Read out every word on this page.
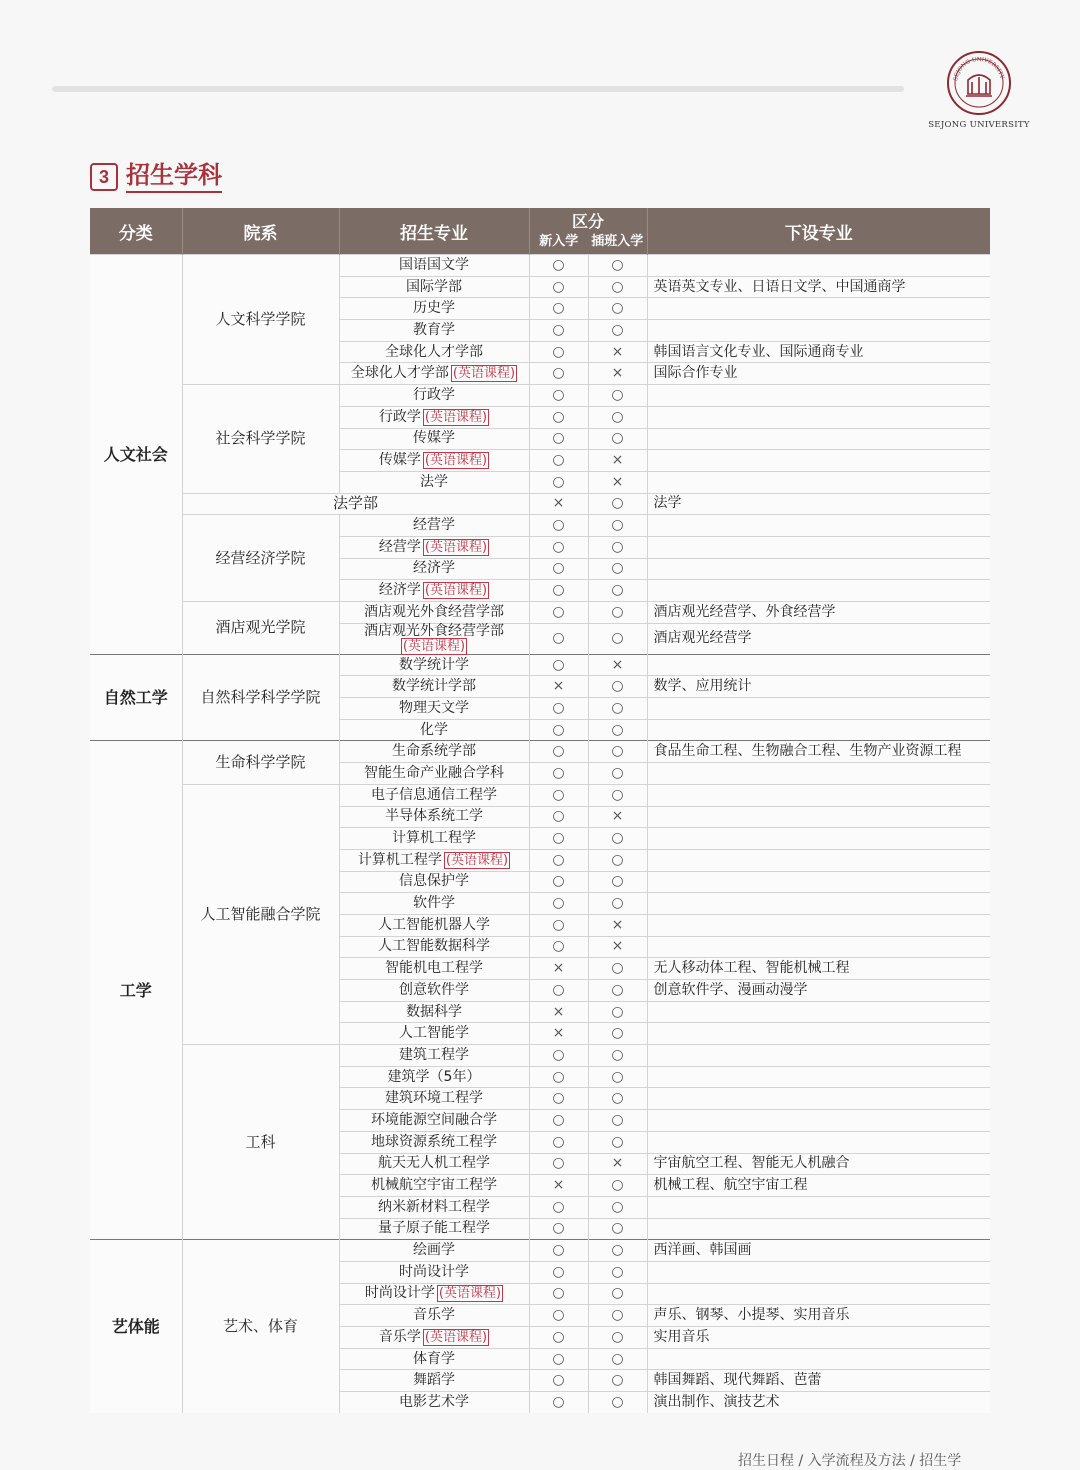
SEJONG UNIVERSITY
SEJONG UNIVERSITY
3 招生学科
分类	院系	招生专业	区分
新入学 插班入学		下设专业
人文社会	人文科学学院	国语国文学	○	○	
		国际学部	○	○	英语英文专业、日语日文学、中国通商学
		历史学	○	○	
		教育学	○	○	
		全球化人才学部	○	×	韩国语言文化专业、国际通商专业
		全球化人才学部 (英语课程)	○	×	国际合作专业
	社会科学学院	行政学	○	○	
		行政学 (英语课程)	○	○	
		传媒学	○	○	
		传媒学 (英语课程)	○	×	
		法学	○	×	
	法学部		×	○	法学
	经营经济学院	经营学	○	○	
		经营学 (英语课程)	○	○	
		经济学	○	○	
		经济学 (英语课程)	○	○	
	酒店观光学院	酒店观光外食经营学部	○	○	酒店观光经营学、外食经营学
		酒店观光外食经营学部
(英语课程)	○	○	酒店观光经营学
自然工学	自然科学科学学院	数学统计学	○	×	
		数学统计学部	×	○	数学、应用统计
		物理天文学	○	○	
		化学	○	○	
工学	生命科学学院	生命系统学部	○	○	食品生命工程、生物融合工程、生物产业资源工程
		智能生命产业融合学科	○	○	
	人工智能融合学院	电子信息通信工程学	○	○	
		半导体系统工学	○	×	
		计算机工程学	○	○	
		计算机工程学 (英语课程)	○	○	
		信息保护学	○	○	
		软件学	○	○	
		人工智能机器人学	○	×	
		人工智能数据科学	○	×	
		智能机电工程学	×	○	无人移动体工程、智能机械工程
		创意软件学	○	○	创意软件学、漫画动漫学
		数据科学	×	○	
		人工智能学	×	○	
	工科	建筑工程学	○	○	
		建筑学（5年）	○	○	
		建筑环境工程学	○	○	
		环境能源空间融合学	○	○	
		地球资源系统工程学	○	○	
		航天无人机工程学	○	×	宇宙航空工程、智能无人机融合
		机械航空宇宙工程学	×	○	机械工程、航空宇宙工程
		纳米新材料工程学	○	○	
		量子原子能工程学	○	○	
艺体能	艺术、体育	绘画学	○	○	西洋画、韩国画
		时尚设计学	○	○	
		时尚设计学 (英语课程)	○	○	
		音乐学	○	○	声乐、钢琴、小提琴、实用音乐
		音乐学 (英语课程)	○	○	实用音乐
		体育学	○	○	
		舞蹈学	○	○	韩国舞蹈、现代舞蹈、芭蕾
		电影艺术学	○	○	演出制作、演技艺术
招生日程 / 入学流程及方法 / 招生学
